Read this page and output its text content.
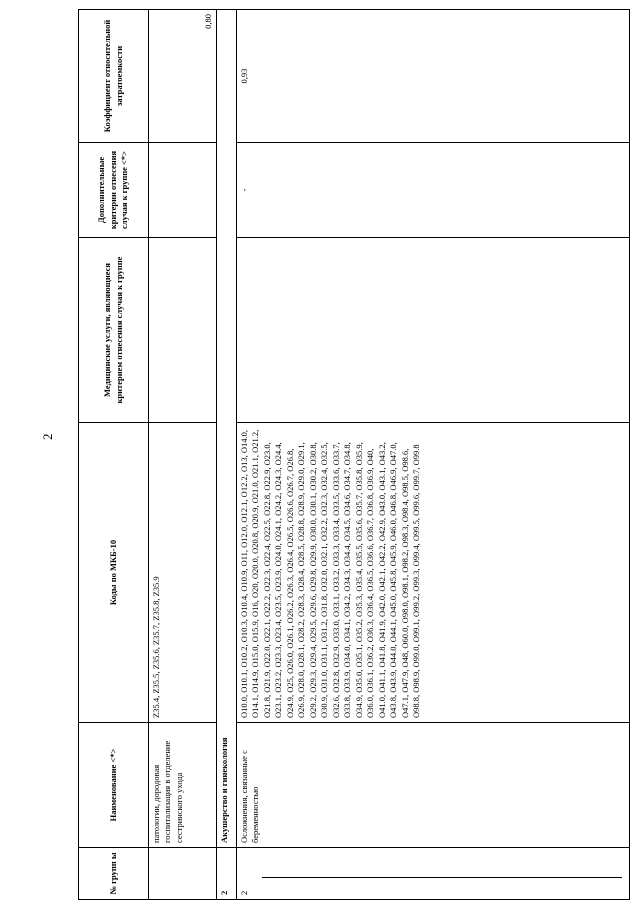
2
№ групп ы	Наименование <*>	Коды по МКБ-10	Медицинские услуги, являющиеся критерием отнесения случая к группе	Дополнительные критерии отнесения случая к группе <*>	Коэффициент относительной затратоемкости
	патологии, дородовая госпитализация в отделение сестринского ухода	Z35.4, Z35.5, Z35.6, Z35.7, Z35.8, Z35.9			0,80
2	Акушерство и гинекология				
2	Осложнения, связанные с беременностью	O10.0, O10.1, O10.2, O10.3, O10.4, O10.9, O11, O12.0, O12.1, O12.2, O13, O14.0, O14.1, O14.9, O15.0, O15.9, O16, O20, O20.0, O20.8, O20.9, O21.0, O21.1, O21.2, O21.8, O21.9, O22.0, O22.1, O22.2, O22.3, O22.4, O22.5, O22.8, O22.9, O23.0, O23.1, O23.2, O23.3, O23.4, O23.5, O23.9, O24.0, O24.1, O24.2, O24.3, O24.4, O24.9, O25, O26.0, O26.1, O26.2, O26.3, O26.4, O26.5, O26.6, O26.7, O26.8, O26.9, O28.0, O28.1, O28.2, O28.3, O28.4, O28.5, O28.8, O28.9, O29.0, O29.1, O29.2, O29.3, O29.4, O29.5, O29.6, O29.8, O29.9, O30.0, O30.1, O30.2, O30.8, O30.9, O31.0, O31.1, O31.2, O31.8, O32.0, O32.1, O32.2, O32.3, O32.4, O32.5, O32.6, O32.8, O32.9, O33.0, O33.1, O33.2, O33.3, O33.4, O33.5, O33.6, O33.7, O33.8, O33.9, O34.0, O34.1, O34.2, O34.3, O34.4, O34.5, O34.6, O34.7, O34.8, O34.9, O35.0, O35.1, O35.2, O35.3, O35.4, O35.5, O35.6, O35.7, O35.8, O35.9, O36.0, O36.1, O36.2, O36.3, O36.4, O36.5, O36.6, O36.7, O36.8, O36.9, O40, O41.0, O41.1, O41.8, O41.9, O42.0, O42.1, O42.2, O42.9, O43.0, O43.1, O43.2, O43.8, O43.9, O44.0, O44.1, O45.0, O45.8, O45.9, O46.0, O46.8, O46.9, O47.0, O47.1, O47.9, O48, O60.0, O98.0, O98.1, O98.2, O98.3, O98.4, O98.5, O98.6, O98.8, O98.9, O99.0, O99.1, O99.2, O99.3, O99.4, O99.5, O99.6, O99.7, O99.8		-	0,93
